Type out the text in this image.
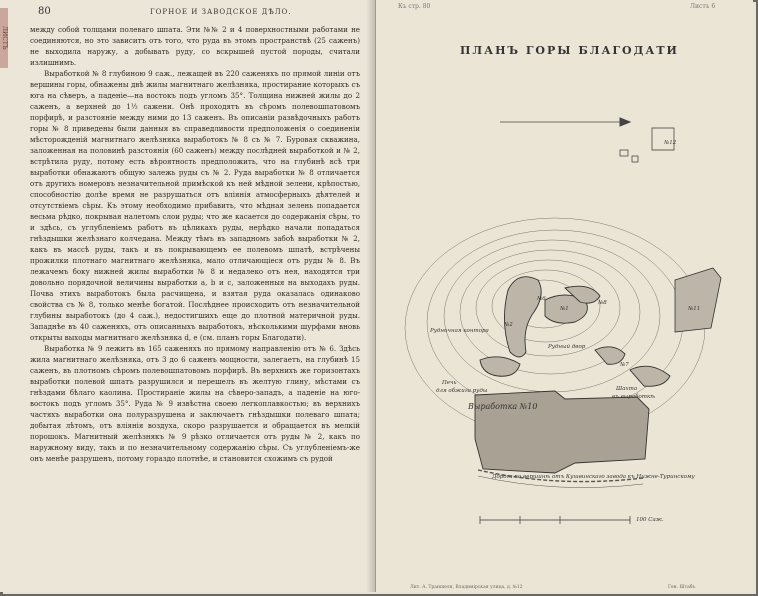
ЛИСТЪ
80	ГОРНОЕ И ЗАВОДСКОЕ ДѢЛО.

между собой толщами полеваго шпата. Эти №№ 2 и 4 поверхностными работами не соединяются, но это зависитъ отъ того, что руда въ этомъ пространствѣ (25 саженъ) не выходила наружу, а добывать руду, со вскрышей пустой породы, считали излишнимъ.

Выработкой № 8 глубиною 9 саж., лежащей въ 220 саженяхъ по прямой линіи отъ вершины горы, обнажены двѣ жилы магнитнаго желѣзняка, простирание которыхъ съ юга на сѣверъ, а паденіе—на востокъ подъ угломъ 35°. Толщина нижней жилы до 2 саженъ, а верхней до 1½ сажени. Онѣ проходятъ въ сѣромъ полевошпатовомъ порфирѣ, и разстояніе между ними до 13 саженъ. Въ описаніи развѣдочныхъ работъ горы № 8 приведены были данныя въ справедливости предположенія о соединеніи мѣсторожденій магнитнаго желѣзняка выработокъ № 8 съ № 7. Буровая скважина, заложенная на половинѣ разстоянія (60 саженъ) между послѣдней выработкой и № 2, встрѣтила руду, потому есть вѣроятность предположить, что на глубинѣ всѣ три выработки обнажаютъ общую залежь руды съ № 2. Руда выработки № 8 отличается отъ другихъ номеровъ незначительной примѣской къ ней мѣдной зелени, крѣпостью, способностію долѣе время не разрушаться отъ вліянія атмосферныхъ дѣятелей и отсутствіемъ сѣры. Къ этому необходимо прибавить, что мѣдная зелень попадается весьма рѣдко, покрывая налетомъ слои руды; что же касается до содержанія сѣры, то и здѣсь, съ углубленіемъ работъ въ цѣликахъ руды, нерѣдко начали попадаться гнѣздышки желѣзнаго колчедана. Между тѣмъ въ западномъ забоѣ выработки № 2, какъ въ массѣ руды, такъ и въ покрывающемъ ее полевомъ шпатѣ, встрѣчены прожилки плотнаго магнитнаго желѣзняка, мало отличающіеся отъ руды № 8. Въ лежачемъ боку нижней жилы выработки № 8 и недалеко отъ нея, находятся три довольно порядочной величины выработки а, b и с, заложенныя на выходахъ руды. Почва этихъ выработокъ была расчищена, и взятая руда оказалась одинаково свойства съ № 8, только менѣе богатой. Послѣднее происходить отъ незначительной глубины выработокъ (до 4 саж.), недостигшихъ еще до плотной материчной руды. Западнѣе въ 40 саженяхъ, отъ описанныхъ выработокъ, нѣсколькими шурфами вновь открыты выходы магнитнаго желѣзняка d, e (см. планъ горы Благодати).

Выработка № 9 лежитъ въ 165 саженяхъ по прямому направленію отъ № 6. Здѣсь жила магнитнаго желѣзняка, отъ 3 до 6 саженъ мощности, залегаетъ, на глубинѣ 15 саженъ, въ плотномъ сѣромъ полевошпатовомъ порфирѣ. Въ верхнихъ же горизонтахъ выработки полевой шпатъ разрушился и перешелъ въ желтую глину, мѣстами съ гнѣздами бѣлаго каолина. Простираніе жилы на сѣверо-западъ, а паденіе на юго-востокъ подъ угломъ 35°. Руда № 9 извѣстна своею легкоплавкостью; въ верхнихъ частяхъ выработки она полуразрушена и заключаетъ гнѣздышки полеваго шпата; добытая лѣтомъ, отъ вліянія воздуха, скоро разрушается и обращается въ мелкій порошокъ. Магнитный желѣзнякъ № 9 рѣзко отличается отъ руды № 2, какъ по наружному виду, такъ и по незначительному содержанію сѣры. Съ углубленіемъ-же онъ менѣе разрушенъ, потому гораздо плотнѣе, и становится схожимъ съ рудой

Къ стр. 80	Листъ 6
ПЛАНЪ ГОРЫ БЛАГОДАТИ
Выработка №10
№11
№12
№6
№2
№1
№8
№7
Печь
для обжига руды
Рудничная контора
Рудный двор
Шахта
въ выработкѣ
Дорога по вершинѣ отъ Кушвинскаго завода къ Нижне-Туринскому
100 Саж.
Лит. А. Траншеля, Владимірская улица, д. №12	Ген. Штабъ
